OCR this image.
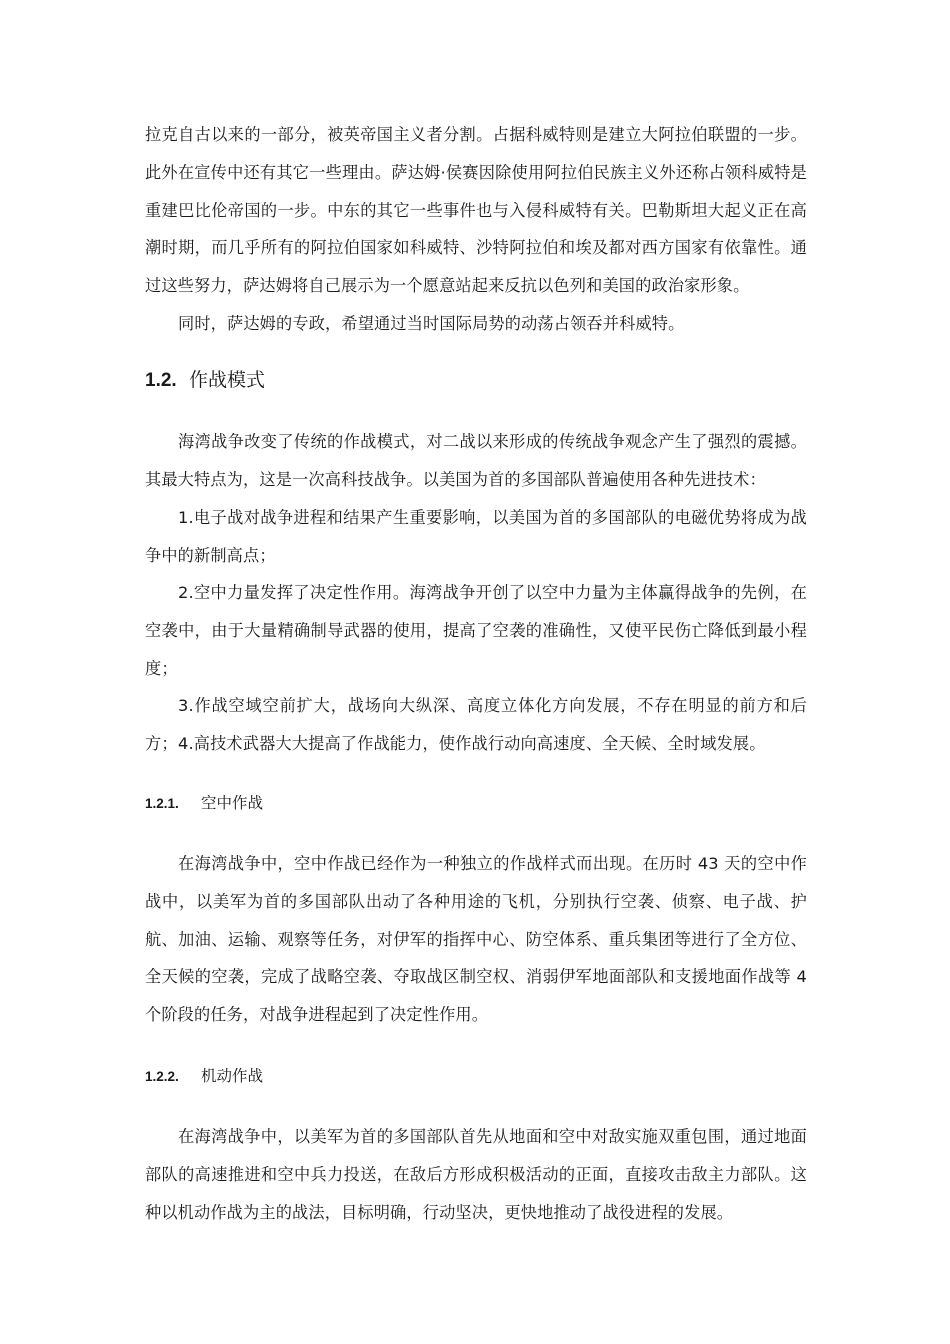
拉克自古以来的一部分，被英帝国主义者分割。占据科威特则是建立大阿拉伯联盟的一步。此外在宣传中还有其它一些理由。萨达姆·侯赛因除使用阿拉伯民族主义外还称占领科威特是重建巴比伦帝国的一步。中东的其它一些事件也与入侵科威特有关。巴勒斯坦大起义正在高潮时期，而几乎所有的阿拉伯国家如科威特、沙特阿拉伯和埃及都对西方国家有依靠性。通过这些努力，萨达姆将自己展示为一个愿意站起来反抗以色列和美国的政治家形象。

同时，萨达姆的专政，希望通过当时国际局势的动荡占领吞并科威特。

1.2. 作战模式

海湾战争改变了传统的作战模式，对二战以来形成的传统战争观念产生了强烈的震撼。其最大特点为，这是一次高科技战争。以美国为首的多国部队普遍使用各种先进技术：

1.电子战对战争进程和结果产生重要影响，以美国为首的多国部队的电磁优势将成为战争中的新制高点；

2.空中力量发挥了决定性作用。海湾战争开创了以空中力量为主体赢得战争的先例，在空袭中，由于大量精确制导武器的使用，提高了空袭的准确性，又使平民伤亡降低到最小程度；

3.作战空域空前扩大，战场向大纵深、高度立体化方向发展，不存在明显的前方和后方； 4.高技术武器大大提高了作战能力，使作战行动向高速度、全天候、全时域发展。

1.2.1. 空中作战

在海湾战争中，空中作战已经作为一种独立的作战样式而出现。在历时 43 天的空中作战中，以美军为首的多国部队出动了各种用途的飞机，分别执行空袭、侦察、电子战、护航、加油、运输、观察等任务，对伊军的指挥中心、防空体系、重兵集团等进行了全方位、全天候的空袭，完成了战略空袭、夺取战区制空权、消弱伊军地面部队和支援地面作战等 4 个阶段的任务，对战争进程起到了决定性作用。

1.2.2. 机动作战

在海湾战争中，以美军为首的多国部队首先从地面和空中对敌实施双重包围，通过地面部队的高速推进和空中兵力投送，在敌后方形成积极活动的正面，直接攻击敌主力部队。这种以机动作战为主的战法，目标明确，行动坚决，更快地推动了战役进程的发展。
